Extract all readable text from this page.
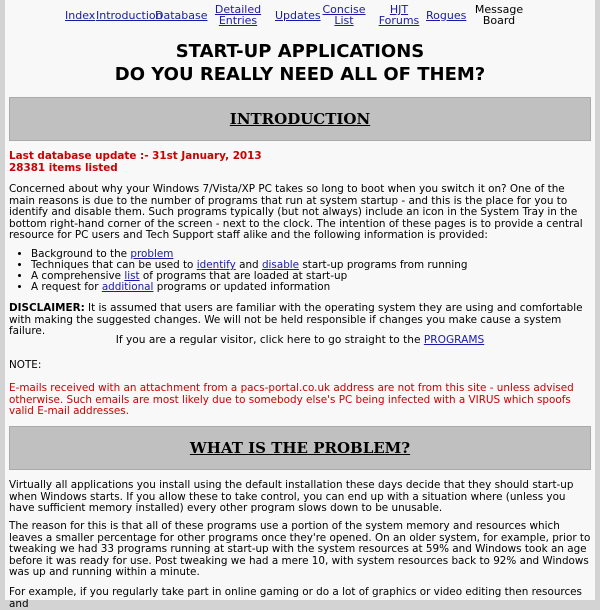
Index Introduction
Database Detailed Entries	Updates Concise List
HJT Forums Rogues Message Board
START-UP APPLICATIONS
DO YOU REALLY NEED ALL OF THEM?
INTRODUCTION
Last database update :- 31st January, 2013
28381 items listed
Concerned about why your Windows 7/Vista/XP PC takes so long to boot when you switch it on? One of the main reasons is due to the number of programs that run at system startup - and this is the place for you to identify and disable them. Such programs typically (but not always) include an icon in the System Tray in the bottom right-hand corner of the screen - next to the clock. The intention of these pages is to provide a central resource for PC users and Tech Support staff alike and the following information is provided:
• Background to the problem
• Techniques that can be used to identify and disable start-up programs from running
• A comprehensive list of programs that are loaded at start-up
• A request for additional programs or updated information
DISCLAIMER: It is assumed that users are familiar with the operating system they are using and comfortable with making the suggested changes. We will not be held responsible if changes you make cause a system failure.
If you are a regular visitor, click here to go straight to the PROGRAMS
NOTE:
E-mails received with an attachment from a pacs-portal.co.uk address are not from this site - unless advised otherwise. Such emails are most likely due to somebody else's PC being infected with a VIRUS which spoofs valid E-mail addresses.
WHAT IS THE PROBLEM?
Virtually all applications you install using the default installation these days decide that they should start-up when Windows starts. If you allow these to take control, you can end up with a situation where (unless you have sufficient memory installed) every other program slows down to be unusable.
The reason for this is that all of these programs use a portion of the system memory and resources which leaves a smaller percentage for other programs once they're opened. On an older system, for example, prior to tweaking we had 33 programs running at start-up with the system resources at 59% and Windows took an age before it was ready for use. Post tweaking we had a mere 10, with system resources back to 92% and Windows was up and running within a minute.
For example, if you regularly take part in online gaming or do a lot of graphics or video editing then resources and
